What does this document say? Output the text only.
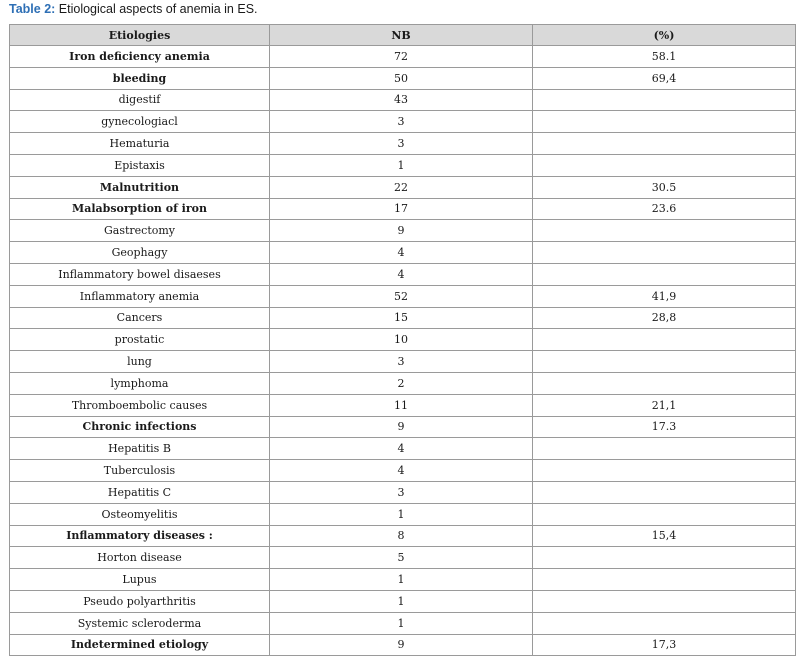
Table 2: Etiological aspects of anemia in ES.
Etiologies	NB	(%)
Iron deficiency anemia	72	58.1
bleeding	50	69,4
digestif	43	
gynecologiacl	3	
Hematuria	3	
Epistaxis	1	
Malnutrition	22	30.5
Malabsorption of iron	17	23.6
Gastrectomy	9	
Geophagy	4	
Inflammatory bowel disaeses	4	
Inflammatory anemia	52	41,9
Cancers	15	28,8
prostatic	10	
lung	3	
lymphoma	2	
Thromboembolic causes	11	21,1
Chronic infections	9	17.3
Hepatitis B	4	
Tuberculosis	4	
Hepatitis C	3	
Osteomyelitis	1	
Inflammatory diseases :	8	15,4
Horton disease	5	
Lupus	1	
Pseudo polyarthritis	1	
Systemic scleroderma	1	
Indetermined etiology	9	17,3
